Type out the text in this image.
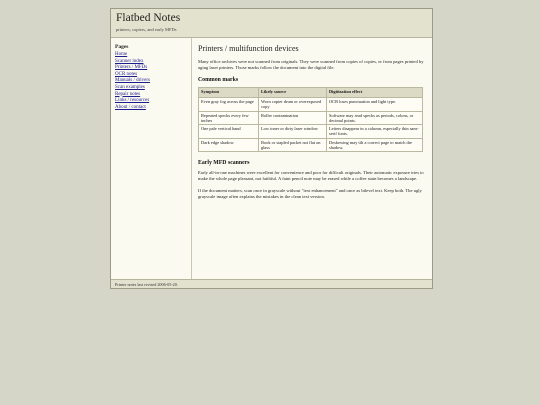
Flatbed Notes
printers, copiers, and early MFDs
Pages
Home
Scanner index
Printers / MFDs
OCR notes
Manuals / drivers
Scan examples
Repair notes
Links / resources
About / contact
Printers / multifunction devices

Many office archives were not scanned from originals. They were scanned from copies of copies, or from pages printed by aging laser printers. Those marks follow the document into the digital file.

Common marks
Symptom	Likely source	Digitization effect
Even gray fog across the page	Worn copier drum or overexposed copy	OCR loses punctuation and light type.
Repeated specks every few inches	Roller contamination	Software may read specks as periods, colons, or decimal points.
One pale vertical band	Low toner or dirty laser window	Letters disappear in a column, especially thin sans-serif fonts.
Dark edge shadow	Book or stapled packet not flat on glass	Deskewing may tilt a correct page to match the shadow.
Early MFD scanners

Early all-in-one machines were excellent for convenience and poor for difficult originals. Their automatic exposure tries to make the whole page pleasant, not faithful. A faint pencil note may be erased while a coffee stain becomes a landscape.

If the document matters, scan once in grayscale without "text enhancement" and once as bilevel text. Keep both. The ugly grayscale image often explains the mistakes in the clean text version.

Printer notes last revised 2006-05-20.
